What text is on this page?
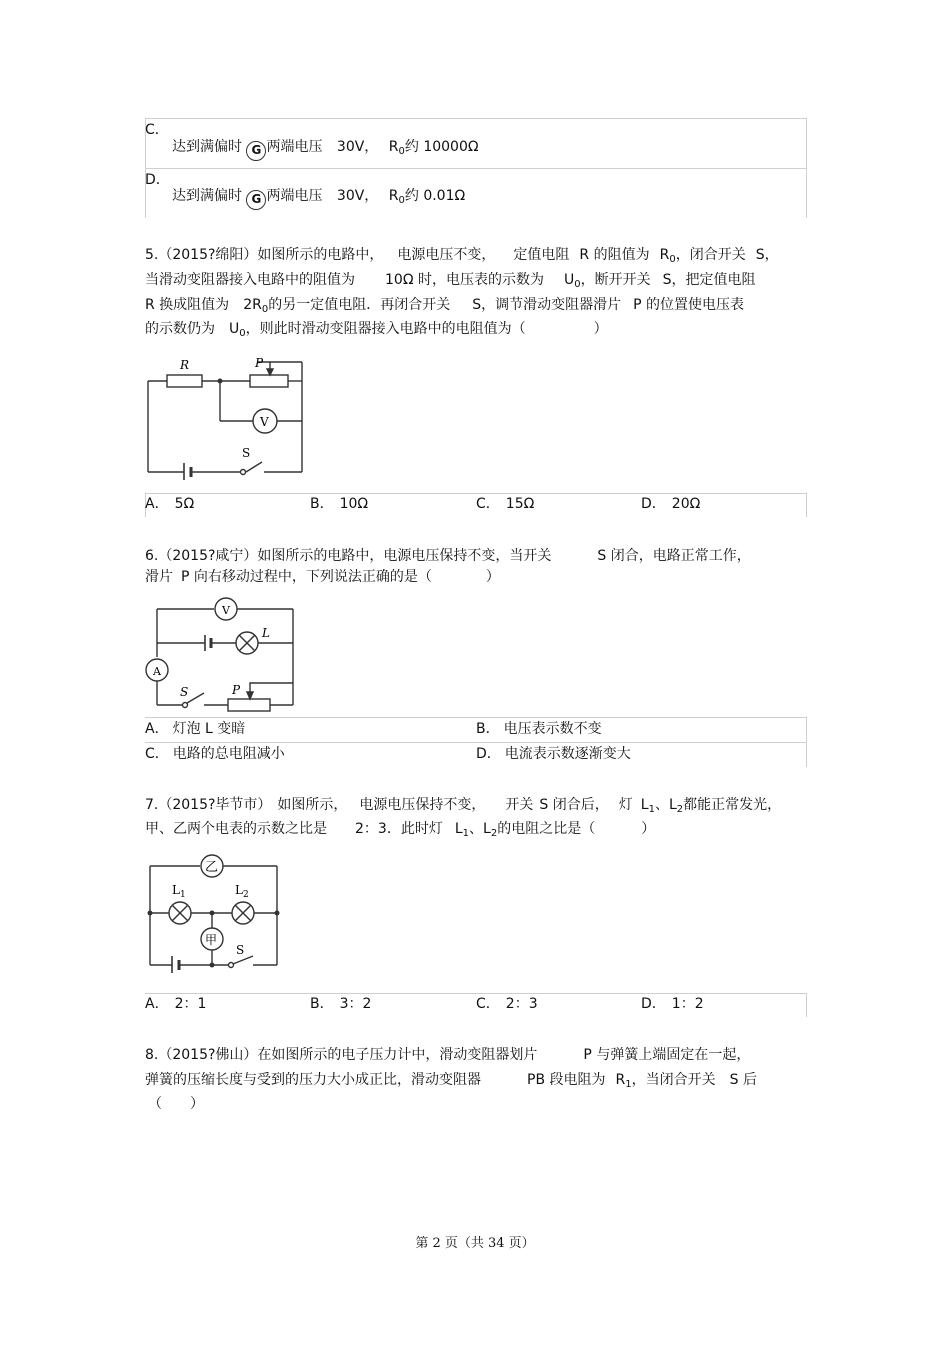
C．
达到满偏时 G 两端电压 30V， $R_0$约 10000Ω
D．
达到满偏时 G 两端电压 30V， $R_0$约 0.01Ω
5.（2015?绵阳）如图所示的电路中， 电源电压不变， 定值电阻 R 的阻值为 $R_0$，闭合开关 S，
当滑动变阻器接入电路中的阻值为 10Ω 时，电压表的示数为 $U_0$，断开开关 S，把定值电阻
R 换成阻值为 $2R_0$的另一定值电阻．再闭合开关 S，调节滑动变阻器滑片 P 的位置使电压表
的示数仍为 $U_0$，则此时滑动变阻器接入电路中的电阻值为（	）
R	P
V
S
A． 5Ω	B． 10Ω	C． 15Ω	D． 20Ω
6.（2015?咸宁）如图所示的电路中，电源电压保持不变，当开关	S 闭合，电路正常工作，
滑片 P 向右移动过程中，下列说法正确的是（	）
V
L
A
S	P
A． 灯泡 L 变暗	B． 电压表示数不变
C． 电路的总电阻减小	D． 电流表示数逐渐变大
7.（2015?毕节市） 如图所示， 电源电压保持不变， 开关 S 闭合后， 灯 $L_1$、$L_2$都能正常发光，
甲、乙两个电表的示数之比是 2：3．此时灯 $L_1$、$L_2$的电阻之比是（	）
乙
甲
$L_1$	$L_2$
S
A． 2：1	B． 3：2	C． 2：3	D． 1：2
8.（2015?佛山）在如图所示的电子压力计中，滑动变阻器划片	P 与弹簧上端固定在一起，
弹簧的压缩长度与受到的压力大小成正比，滑动变阻器	PB 段电阻为 $R_1$，当闭合开关 S 后
（　　）
第 2 页（共 34 页）
